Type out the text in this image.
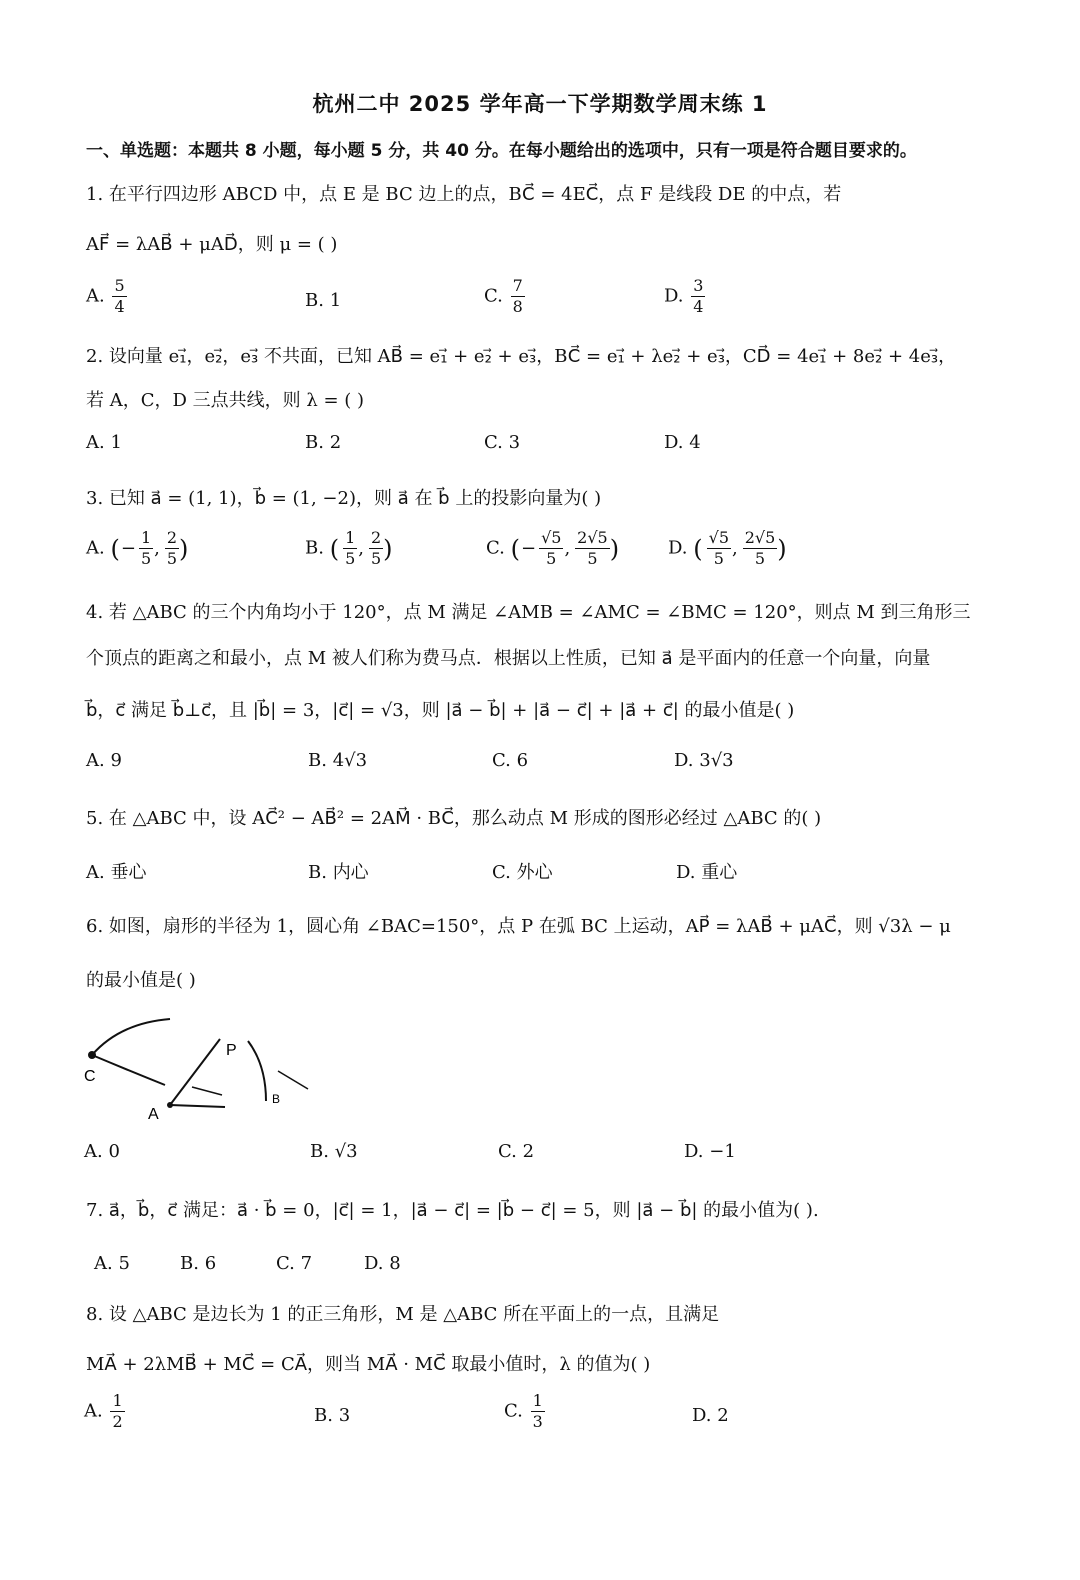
杭州二中 2025 学年高一下学期数学周末练 1
一、单选题：本题共 8 小题，每小题 5 分，共 40 分。在每小题给出的选项中，只有一项是符合题目要求的。
1. 在平行四边形 ABCD 中，点 E 是 BC 边上的点，BC⃗ = 4EC⃗，点 F 是线段 DE 的中点，若
AF⃗ = λAB⃗ + μAD⃗，则 μ = ( )
A. $\frac{5}{4}$	B. 1	C. $\frac{7}{8}$	D. $\frac{3}{4}$
2. 设向量 e₁⃗，e₂⃗，e₃⃗ 不共面，已知 AB⃗ = e₁⃗ + e₂⃗ + e₃⃗，BC⃗ = e₁⃗ + λe₂⃗ + e₃⃗，CD⃗ = 4e₁⃗ + 8e₂⃗ + 4e₃⃗，
若 A，C，D 三点共线，则 λ = ( )
A. 1	B. 2	C. 3	D. 4
3. 已知 a⃗ = (1, 1)，b⃗ = (1, −2)，则 a⃗ 在 b⃗ 上的投影向量为( )
A. (− $\frac{1}{5}$ , $\frac{2}{5}$ )	B. ( $\frac{1}{5}$ , $\frac{2}{5}$ )	C. (− $\frac{√5}{5}$ , $\frac{2√5}{5}$ )	D. ( $\frac{√5}{5}$ , $\frac{2√5}{5}$ )
4. 若 △ABC 的三个内角均小于 120°，点 M 满足 ∠AMB = ∠AMC = ∠BMC = 120°，则点 M 到三角形三
个顶点的距离之和最小，点 M 被人们称为费马点．根据以上性质，已知 a⃗ 是平面内的任意一个向量，向量
b⃗，c⃗ 满足 b⃗⊥c⃗，且 |b⃗| = 3，|c⃗| = √3，则 |a⃗ − b⃗| + |a⃗ − c⃗| + |a⃗ + c⃗| 的最小值是( )
A. 9	B. 4√3	C. 6	D. 3√3
5. 在 △ABC 中，设 AC⃗² − AB⃗² = 2AM⃗ · BC⃗，那么动点 M 形成的图形必经过 △ABC 的( )
A. 垂心	B. 内心	C. 外心	D. 重心
6. 如图，扇形的半径为 1，圆心角 ∠BAC=150°，点 P 在弧 BC 上运动，AP⃗ = λAB⃗ + μAC⃗，则 √3λ − μ
的最小值是( )
C
P
A
B
A. 0	B. √3	C. 2	D. −1
7. a⃗，b⃗，c⃗ 满足：a⃗ · b⃗ = 0，|c⃗| = 1，|a⃗ − c⃗| = |b⃗ − c⃗| = 5，则 |a⃗ − b⃗| 的最小值为( ).
A. 5	B. 6	C. 7	D. 8
8. 设 △ABC 是边长为 1 的正三角形，M 是 △ABC 所在平面上的一点，且满足
MA⃗ + 2λMB⃗ + MC⃗ = CA⃗，则当 MA⃗ · MC⃗ 取最小值时，λ 的值为( )
A. $\frac{1}{2}$	B. 3	C. $\frac{1}{3}$	D. 2
